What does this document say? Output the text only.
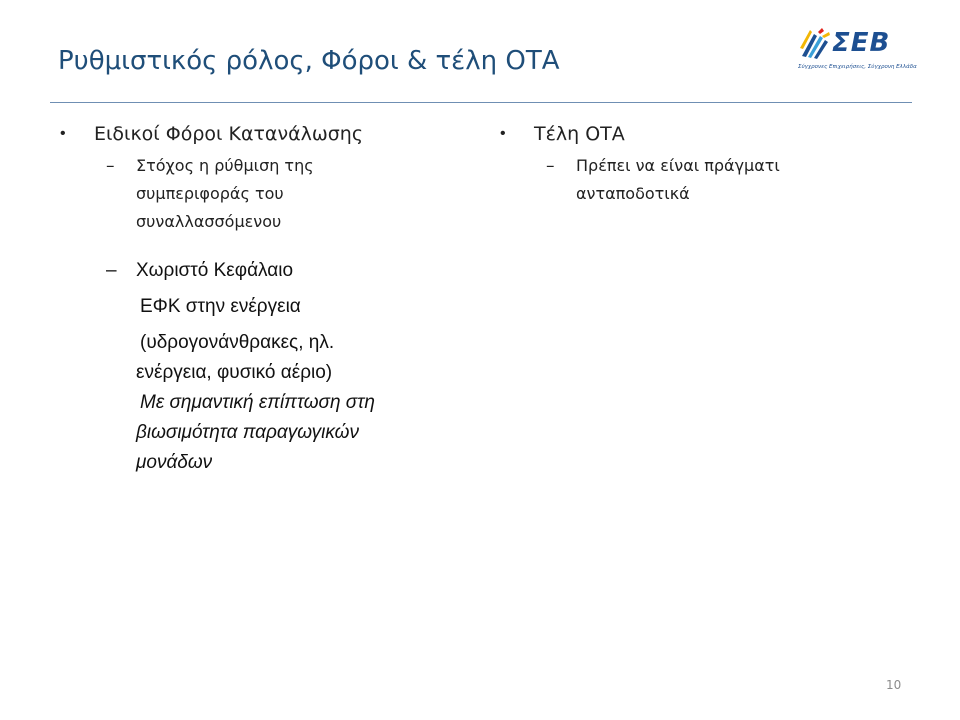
Ρυθμιστικός ρόλος, Φόροι & τέλη ΟΤΑ
ΣΕΒ
Σύγχρονες Επιχειρήσεις, Σύγχρονη Ελλάδα
• Ειδικοί Φόροι Κατανάλωσης
– Στόχος η ρύθμιση της
συμπεριφοράς του
συναλλασσόμενου
– Χωριστό Κεφάλαιο
ΕΦΚ στην ενέργεια
(υδρογονάνθρακες, ηλ.
ενέργεια, φυσικό αέριο)
Με σημαντική επίπτωση στη
βιωσιμότητα παραγωγικών
μονάδων
• Τέλη ΟΤΑ
– Πρέπει να είναι πράγματι
ανταποδοτικά
10
